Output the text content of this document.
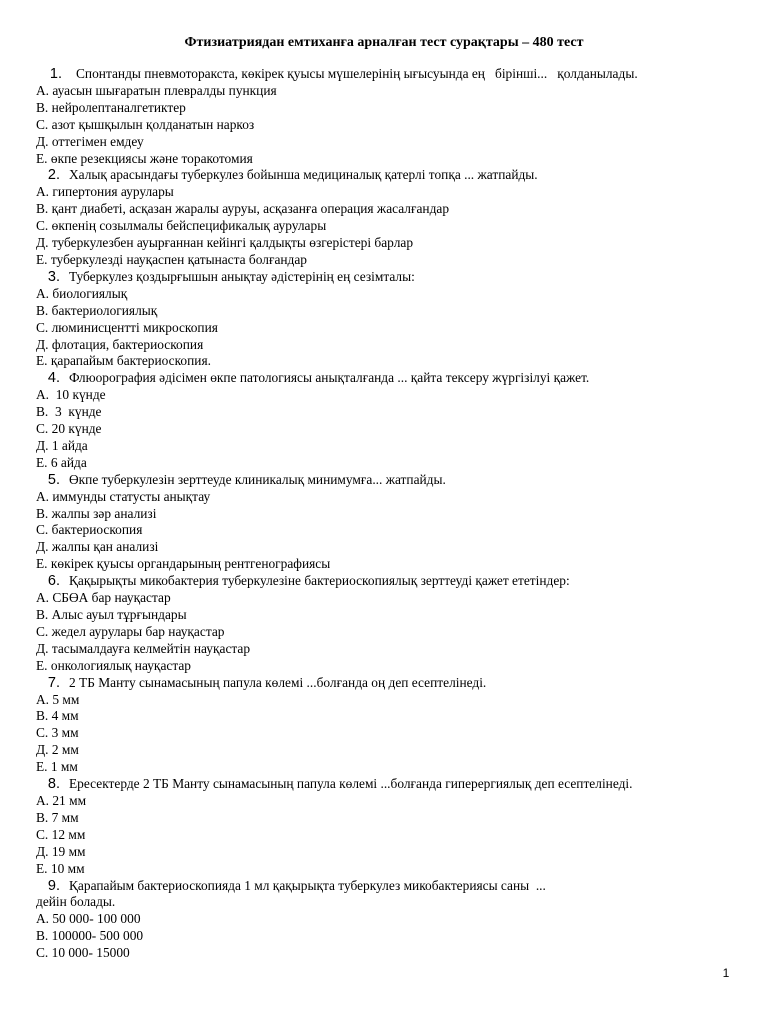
Фтизиатриядан емтиханға арналған тест сурақтары – 480 тест
1. Спонтанды пневмоторакста, көкірек қуысы мүшелерінің ығысуында ең   бірінші...   қолданылады.
А. ауасын шығаратын плевралды пункция
В. нейролептаналгетиктер
С. азот қышқылын қолданатын наркоз
Д. оттегімен емдеу
Е. өкпе резекциясы және торакотомия
2. Халық арасындағы туберкулез бойынша медициналық қатерлі топқа ... жатпайды.
А. гипертония аурулары
В. қант диабеті, асқазан жаралы ауруы, асқазанға операция жасалғандар
С. өкпенің созылмалы бейспецификалық аурулары
Д. туберкулезбен ауырғаннан кейінгі қалдықты өзгерістері барлар
Е. туберкулезді науқаспен қатынаста болғандар
3. Туберкулез қоздырғышын анықтау әдістерінің ең сезімталы:
А. биологиялық
В. бактериологиялық
С. люминисцентті микроскопия
Д. флотация, бактериоскопия
Е. қарапайым бактериоскопия.
4. Флюорография әдісімен өкпе патологиясы анықталғанда ... қайта тексеру жүргізілуі қажет.
А.  10 күнде
В.  3  күнде
С. 20 күнде
Д. 1 айда
Е. 6 айда
5. Өкпе туберкулезін зерттеуде клиникалық минимумға... жатпайды.
А. иммунды статусты анықтау
В. жалпы зәр анализі
С. бактериоскопия
Д. жалпы қан анализі
Е. көкірек қуысы органдарының рентгенографиясы
6. Қақырықты микобактерия туберкулезіне бактериоскопиялық зерттеуді қажет ететіндер:
А. СБӨА бар науқастар
В. Алыс ауыл тұрғындары
С. жедел аурулары бар науқастар
Д. тасымалдауға келмейтін науқастар
Е. онкологиялық науқастар
7. 2 ТБ Манту сынамасының папула көлемі ...болғанда оң деп есептелінеді.
А. 5 мм
В. 4 мм
С. 3 мм
Д. 2 мм
Е. 1 мм
8. Ересектерде 2 ТБ Манту сынамасының папула көлемі ...болғанда гиперергиялық деп есептелінеді.
А. 21 мм
В. 7 мм
С. 12 мм
Д. 19 мм
Е. 10 мм
9. Қарапайым бактериоскопияда 1 мл қақырықта туберкулез микобактериясы саны  ...
дейін болады.
А. 50 000- 100 000
В. 100000- 500 000
С. 10 000- 15000
1
